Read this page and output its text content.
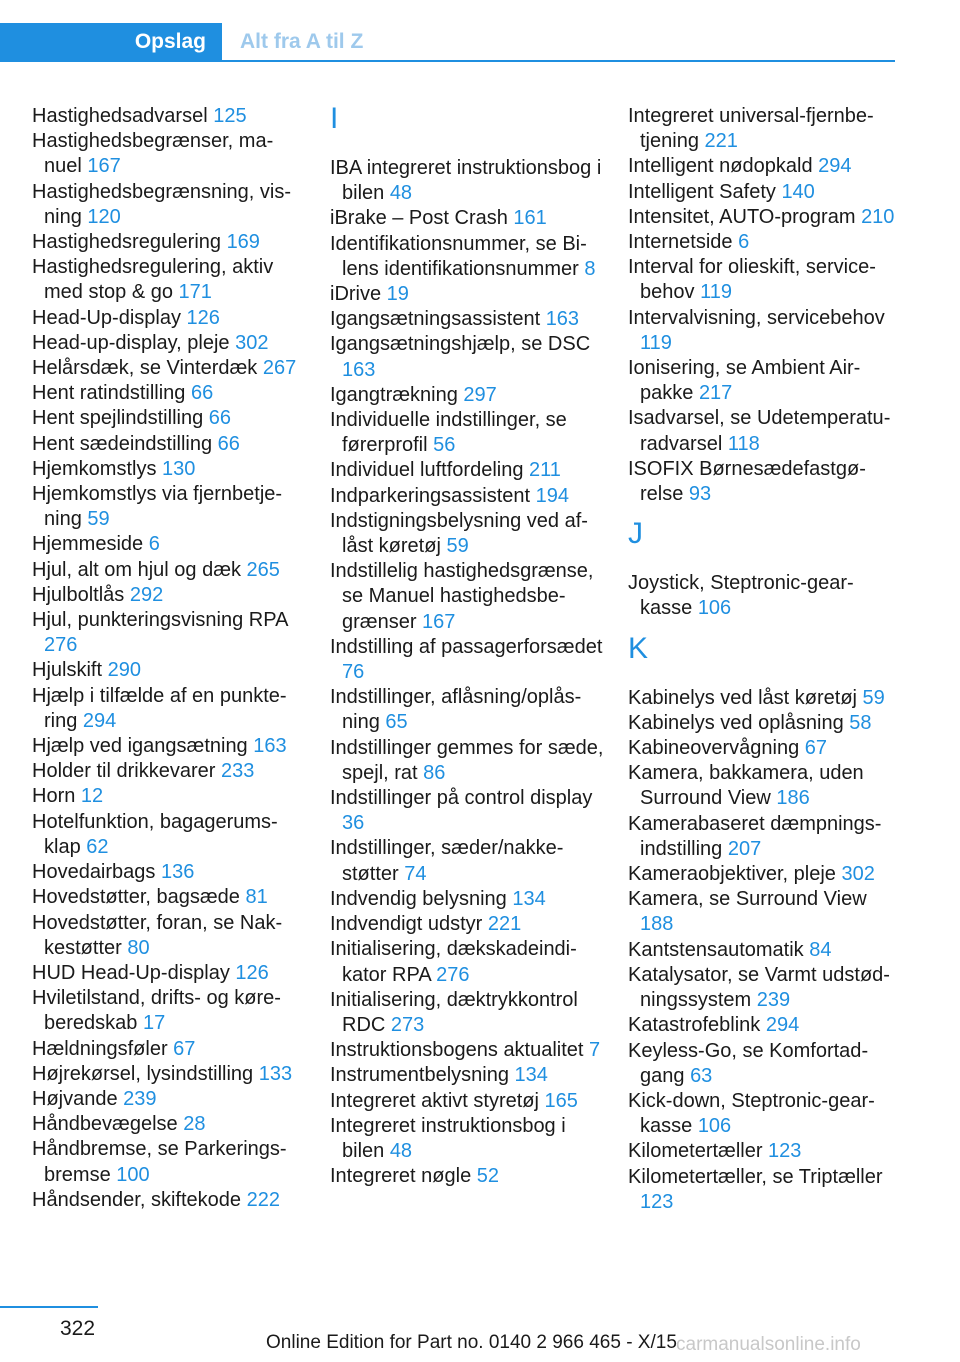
Opslag	Alt fra A til Z
Hastighedsadvarsel 125
Hastighedsbegrænser, manuel 167
Hastighedsbegrænsning, visning 120
Hastighedsregulering 169
Hastighedsregulering, aktiv med stop & go 171
Head-Up-display 126
Head-up-display, pleje 302
Helårsdæk, se Vinterdæk 267
Hent ratindstilling 66
Hent spejlindstilling 66
Hent sædeindstilling 66
Hjemkomstlys 130
Hjemkomstlys via fjernbetjening 59
Hjemmeside 6
Hjul, alt om hjul og dæk 265
Hjulboltlås 292
Hjul, punkteringsvisning RPA 276
Hjulskift 290
Hjælp i tilfælde af en punktering 294
Hjælp ved igangsætning 163
Holder til drikkevarer 233
Horn 12
Hotelfunktion, bagagerumsklap 62
Hovedairbags 136
Hovedstøtter, bagsæde 81
Hovedstøtter, foran, se Nakkestøtter 80
HUD Head-Up-display 126
Hviletilstand, drifts- og køreberedskab 17
Hældningsføler 67
Højrekørsel, lysindstilling 133
Højvande 239
Håndbevægelse 28
Håndbremse, se Parkeringsbremse 100
Håndsender, skiftekode 222
I
IBA integreret instruktionsbog i bilen 48
iBrake – Post Crash 161
Identifikationsnummer, se Bilens identifikationsnummer 8
iDrive 19
Igangsætningsassistent 163
Igangsætningshjælp, se DSC 163
Igangtrækning 297
Individuelle indstillinger, se førerprofil 56
Individuel luftfordeling 211
Indparkeringsassistent 194
Indstigningsbelysning ved aflåst køretøj 59
Indstillelig hastighedsgrænse, se Manuel hastighedsbegrænser 167
Indstilling af passagerforsædet 76
Indstillinger, aflåsning/oplåsning 65
Indstillinger gemmes for sæde, spejl, rat 86
Indstillinger på control display 36
Indstillinger, sæder/nakkestøtter 74
Indvendig belysning 134
Indvendigt udstyr 221
Initialisering, dækskadeindikator RPA 276
Initialisering, dæktrykkontrol RDC 273
Instruktionsbogens aktualitet 7
Instrumentbelysning 134
Integreret aktivt styretøj 165
Integreret instruktionsbog i bilen 48
Integreret nøgle 52
Integreret universal-fjernbetjening 221
Intelligent nødopkald 294
Intelligent Safety 140
Intensitet, AUTO-program 210
Internetside 6
Interval for olieskift, servicebehov 119
Intervalvisning, servicebehov 119
Ionisering, se Ambient Air-pakke 217
Isadvarsel, se Udetemperaturadvarsel 118
ISOFIX Børnesædefastgørelse 93
J
Joystick, Steptronic-gearkasse 106
K
Kabinelys ved låst køretøj 59
Kabinelys ved oplåsning 58
Kabineovervågning 67
Kamera, bakkamera, uden Surround View 186
Kamerabaseret dæmpningsindstilling 207
Kameraobjektiver, pleje 302
Kamera, se Surround View 188
Kantstensautomatik 84
Katalysator, se Varmt udstødningssystem 239
Katastrofeblink 294
Keyless-Go, se Komfortadgang 63
Kick-down, Steptronic-gearkasse 106
Kilometertæller 123
Kilometertæller, se Triptæller 123
322
Online Edition for Part no. 0140 2 966 465 - X/15 carmanualsonline.info
